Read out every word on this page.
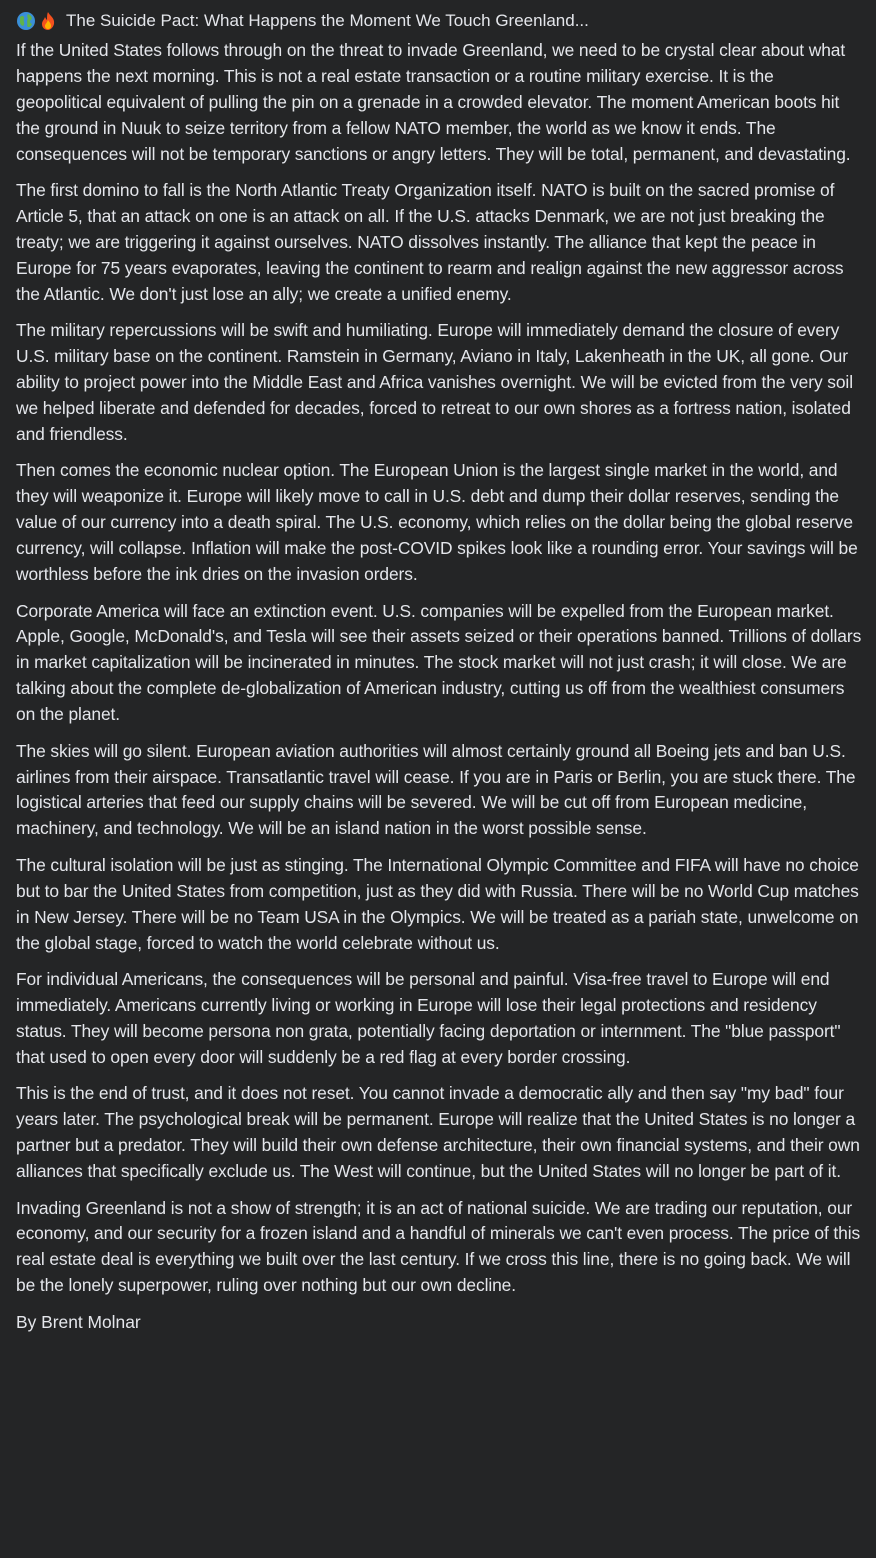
The Suicide Pact: What Happens the Moment We Touch Greenland...

If the United States follows through on the threat to invade Greenland, we need to be crystal clear about what happens the next morning. This is not a real estate transaction or a routine military exercise. It is the geopolitical equivalent of pulling the pin on a grenade in a crowded elevator. The moment American boots hit the ground in Nuuk to seize territory from a fellow NATO member, the world as we know it ends. The consequences will not be temporary sanctions or angry letters. They will be total, permanent, and devastating.

The first domino to fall is the North Atlantic Treaty Organization itself. NATO is built on the sacred promise of Article 5, that an attack on one is an attack on all. If the U.S. attacks Denmark, we are not just breaking the treaty; we are triggering it against ourselves. NATO dissolves instantly. The alliance that kept the peace in Europe for 75 years evaporates, leaving the continent to rearm and realign against the new aggressor across the Atlantic. We don't just lose an ally; we create a unified enemy.

The military repercussions will be swift and humiliating. Europe will immediately demand the closure of every U.S. military base on the continent. Ramstein in Germany, Aviano in Italy, Lakenheath in the UK, all gone. Our ability to project power into the Middle East and Africa vanishes overnight. We will be evicted from the very soil we helped liberate and defended for decades, forced to retreat to our own shores as a fortress nation, isolated and friendless.

Then comes the economic nuclear option. The European Union is the largest single market in the world, and they will weaponize it. Europe will likely move to call in U.S. debt and dump their dollar reserves, sending the value of our currency into a death spiral. The U.S. economy, which relies on the dollar being the global reserve currency, will collapse. Inflation will make the post-COVID spikes look like a rounding error. Your savings will be worthless before the ink dries on the invasion orders.

Corporate America will face an extinction event. U.S. companies will be expelled from the European market. Apple, Google, McDonald's, and Tesla will see their assets seized or their operations banned. Trillions of dollars in market capitalization will be incinerated in minutes. The stock market will not just crash; it will close. We are talking about the complete de-globalization of American industry, cutting us off from the wealthiest consumers on the planet.

The skies will go silent. European aviation authorities will almost certainly ground all Boeing jets and ban U.S. airlines from their airspace. Transatlantic travel will cease. If you are in Paris or Berlin, you are stuck there. The logistical arteries that feed our supply chains will be severed. We will be cut off from European medicine, machinery, and technology. We will be an island nation in the worst possible sense.

The cultural isolation will be just as stinging. The International Olympic Committee and FIFA will have no choice but to bar the United States from competition, just as they did with Russia. There will be no World Cup matches in New Jersey. There will be no Team USA in the Olympics. We will be treated as a pariah state, unwelcome on the global stage, forced to watch the world celebrate without us.

For individual Americans, the consequences will be personal and painful. Visa-free travel to Europe will end immediately. Americans currently living or working in Europe will lose their legal protections and residency status. They will become persona non grata, potentially facing deportation or internment. The "blue passport" that used to open every door will suddenly be a red flag at every border crossing.

This is the end of trust, and it does not reset. You cannot invade a democratic ally and then say "my bad" four years later. The psychological break will be permanent. Europe will realize that the United States is no longer a partner but a predator. They will build their own defense architecture, their own financial systems, and their own alliances that specifically exclude us. The West will continue, but the United States will no longer be part of it.

Invading Greenland is not a show of strength; it is an act of national suicide. We are trading our reputation, our economy, and our security for a frozen island and a handful of minerals we can't even process. The price of this real estate deal is everything we built over the last century. If we cross this line, there is no going back. We will be the lonely superpower, ruling over nothing but our own decline.

By Brent Molnar
